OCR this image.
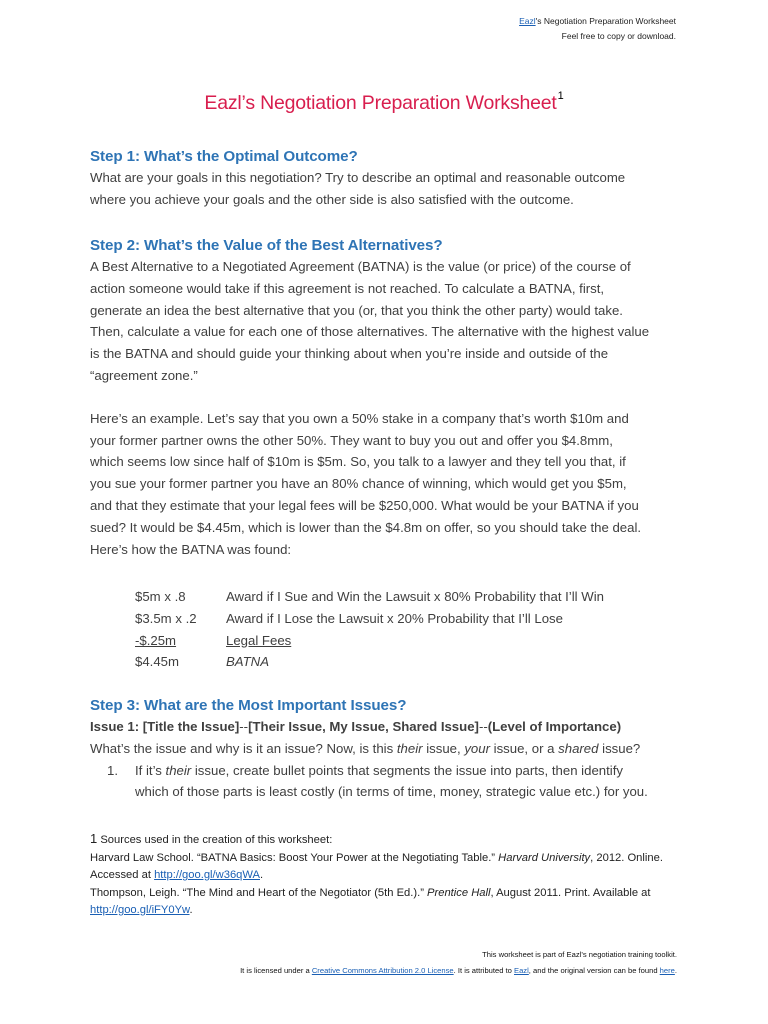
Eazl's Negotiation Preparation Worksheet
Feel free to copy or download.
Eazl’s Negotiation Preparation Worksheet$^1$
Step 1: What’s the Optimal Outcome?
What are your goals in this negotiation? Try to describe an optimal and reasonable outcome
where you achieve your goals and the other side is also satisfied with the outcome.
Step 2: What’s the Value of the Best Alternatives?
A Best Alternative to a Negotiated Agreement (BATNA) is the value (or price) of the course of
action someone would take if this agreement is not reached. To calculate a BATNA, first,
generate an idea the best alternative that you (or, that you think the other party) would take.
Then, calculate a value for each one of those alternatives. The alternative with the highest value
is the BATNA and should guide your thinking about when you’re inside and outside of the
“agreement zone.”
Here’s an example. Let’s say that you own a 50% stake in a company that’s worth $10m and
your former partner owns the other 50%. They want to buy you out and offer you $4.8mm,
which seems low since half of $10m is $5m. So, you talk to a lawyer and they tell you that, if
you sue your former partner you have an 80% chance of winning, which would get you $5m,
and that they estimate that your legal fees will be $250,000. What would be your BATNA if you
sued? It would be $4.45m, which is lower than the $4.8m on offer, so you should take the deal.
Here’s how the BATNA was found:
$5m x .8	Award if I Sue and Win the Lawsuit x 80% Probability that I’ll Win
$3.5m x .2	Award if I Lose the Lawsuit x 20% Probability that I’ll Lose
-$.25m	Legal Fees
$4.45m	BATNA
Step 3: What are the Most Important Issues?
Issue 1: [Title the Issue]--[Their Issue, My Issue, Shared Issue]--(Level of Importance)
What’s the issue and why is it an issue? Now, is this their issue, your issue, or a shared issue?
1.	If it’s their issue, create bullet points that segments the issue into parts, then identify
which of those parts is least costly (in terms of time, money, strategic value etc.) for you.
1 Sources used in the creation of this worksheet:
Harvard Law School. “BATNA Basics: Boost Your Power at the Negotiating Table.” Harvard University, 2012. Online.
Accessed at http://goo.gl/w36qWA.
Thompson, Leigh. “The Mind and Heart of the Negotiator (5th Ed.).” Prentice Hall, August 2011. Print. Available at
http://goo.gl/iFY0Yw.
This worksheet is part of Eazl’s negotiation training toolkit.
It is licensed under a Creative Commons Attribution 2.0 License. It is attributed to Eazl, and the original version can be found here.
